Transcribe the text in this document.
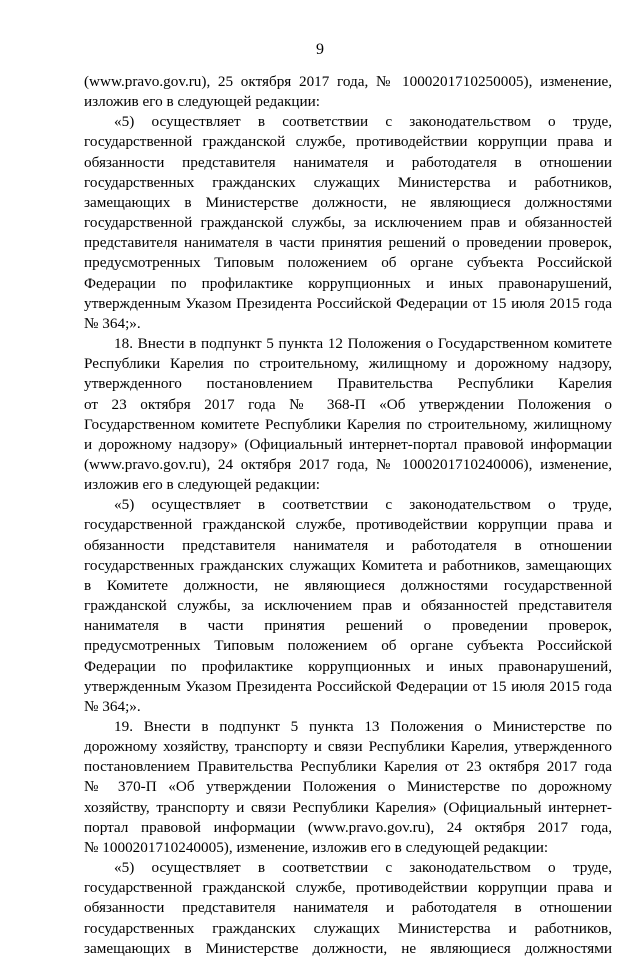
9
(www.pravo.gov.ru), 25 октября 2017 года, № 1000201710250005), изменение,
изложив его в следующей редакции:
«5) осуществляет в соответствии с законодательством о труде,
государственной гражданской службе, противодействии коррупции права и
обязанности представителя нанимателя и работодателя в отношении
государственных гражданских служащих Министерства и работников,
замещающих в Министерстве должности, не являющиеся должностями
государственной гражданской службы, за исключением прав и обязанностей
представителя нанимателя в части принятия решений о проведении проверок,
предусмотренных Типовым положением об органе субъекта Российской
Федерации по профилактике коррупционных и иных правонарушений,
утвержденным Указом Президента Российской Федерации от 15 июля 2015 года
№ 364;».
18. Внести в подпункт 5 пункта 12 Положения о Государственном комитете
Республики Карелия по строительному, жилищному и дорожному надзору,
утвержденного постановлением Правительства Республики Карелия
от 23 октября 2017 года № 368-П «Об утверждении Положения о
Государственном комитете Республики Карелия по строительному, жилищному
и дорожному надзору» (Официальный интернет-портал правовой информации
(www.pravo.gov.ru), 24 октября 2017 года, № 1000201710240006), изменение,
изложив его в следующей редакции:
«5) осуществляет в соответствии с законодательством о труде,
государственной гражданской службе, противодействии коррупции права и
обязанности представителя нанимателя и работодателя в отношении
государственных гражданских служащих Комитета и работников, замещающих
в Комитете должности, не являющиеся должностями государственной
гражданской службы, за исключением прав и обязанностей представителя
нанимателя в части принятия решений о проведении проверок,
предусмотренных Типовым положением об органе субъекта Российской
Федерации по профилактике коррупционных и иных правонарушений,
утвержденным Указом Президента Российской Федерации от 15 июля 2015 года
№ 364;».
19. Внести в подпункт 5 пункта 13 Положения о Министерстве по
дорожному хозяйству, транспорту и связи Республики Карелия, утвержденного
постановлением Правительства Республики Карелия от 23 октября 2017 года
№ 370-П «Об утверждении Положения о Министерстве по дорожному
хозяйству, транспорту и связи Республики Карелия» (Официальный интернет-
портал правовой информации (www.pravo.gov.ru), 24 октября 2017 года,
№ 1000201710240005), изменение, изложив его в следующей редакции:
«5) осуществляет в соответствии с законодательством о труде,
государственной гражданской службе, противодействии коррупции права и
обязанности представителя нанимателя и работодателя в отношении
государственных гражданских служащих Министерства и работников,
замещающих в Министерстве должности, не являющиеся должностями
